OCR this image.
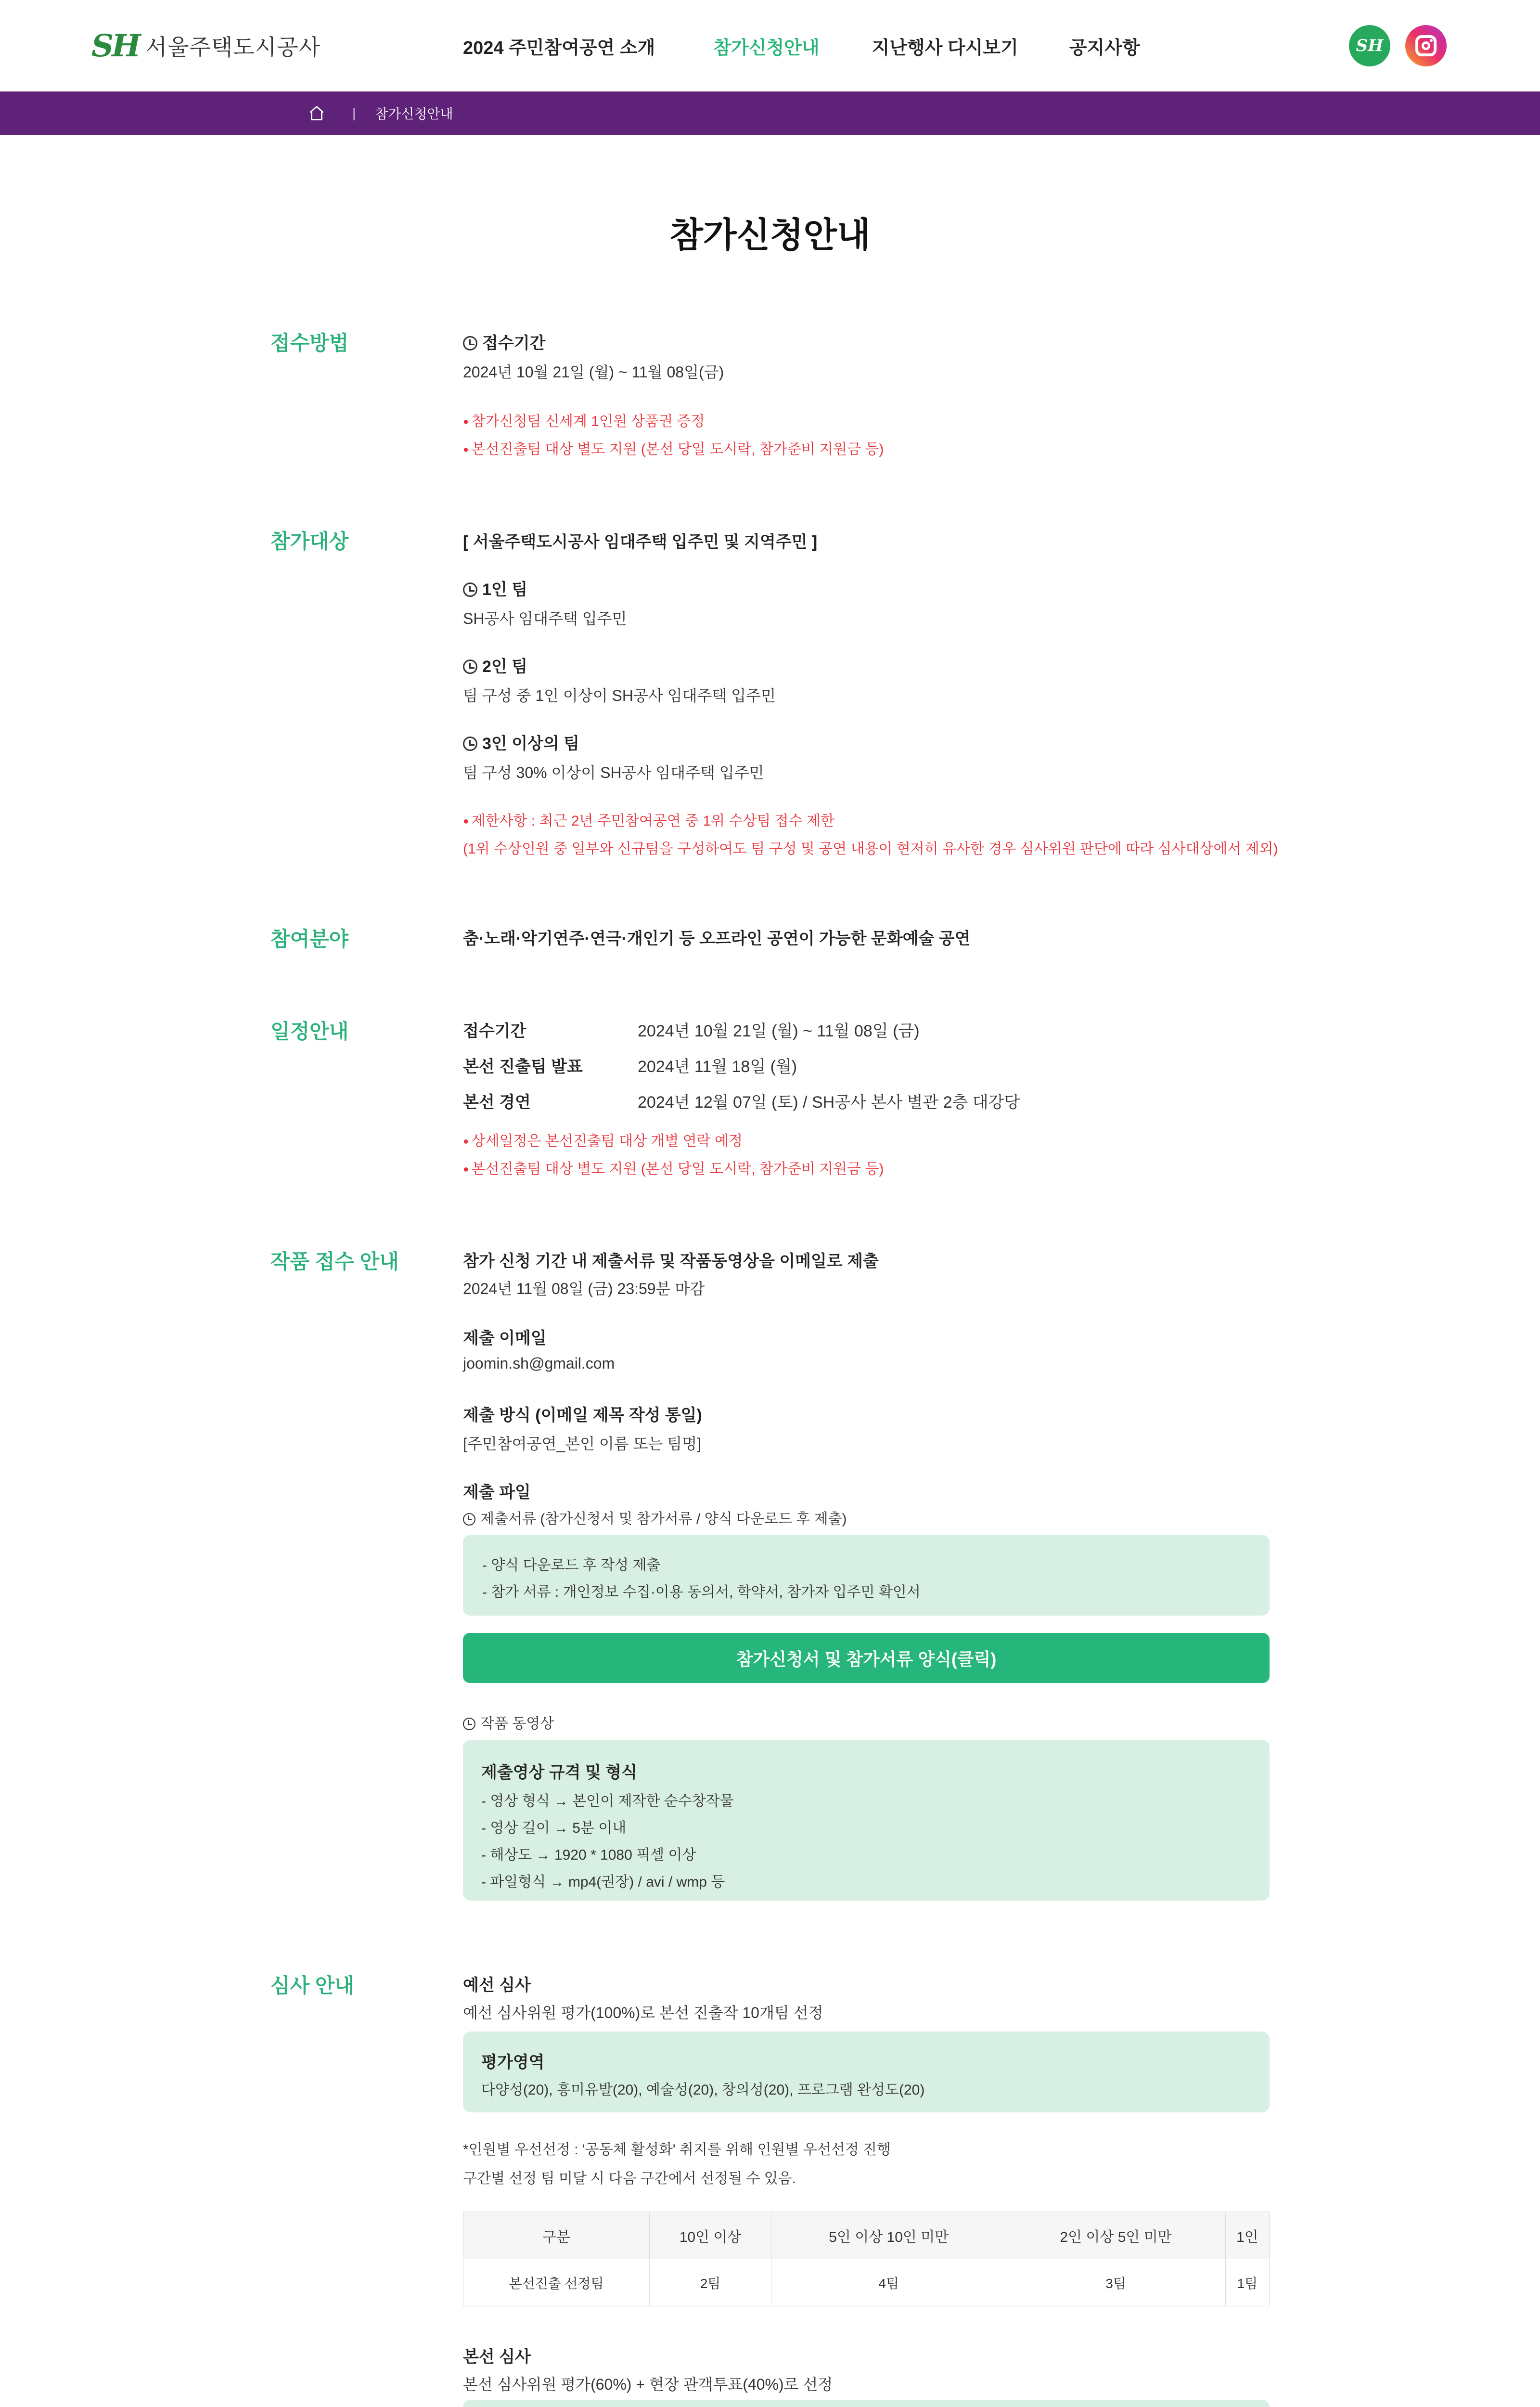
SH 서울주택도시공사	2024 주민참여공연 소개	참가신청안내	지난행사 다시보기	공지사항	SH
| 참가신청안내
참가신청안내
접수방법	접수기간
2024년 10월 21일 (월) ~ 11월 08일(금)
● 참가신청팀 신세계 1인원 상품권 증정
● 본선진출팀 대상 별도 지원 (본선 당일 도시락, 참가준비 지원금 등)
참가대상	[ 서울주택도시공사 임대주택 입주민 및 지역주민 ]
1인 팀
SH공사 임대주택 입주민
2인 팀
팀 구성 중 1인 이상이 SH공사 임대주택 입주민
3인 이상의 팀
팀 구성 30% 이상이 SH공사 임대주택 입주민
● 제한사항 : 최근 2년 주민참여공연 중 1위 수상팀 접수 제한
(1위 수상인원 중 일부와 신규팀을 구성하여도 팀 구성 및 공연 내용이 현저히 유사한 경우 심사위원 판단에 따라 심사대상에서 제외)
참여분야	춤·노래·악기연주·연극·개인기 등 오프라인 공연이 가능한 문화예술 공연
일정안내	접수기간	2024년 10월 21일 (월) ~ 11월 08일 (금)
본선 진출팀 발표	2024년 11월 18일 (월)
본선 경연	2024년 12월 07일 (토) / SH공사 본사 별관 2층 대강당
● 상세일정은 본선진출팀 대상 개별 연락 예정
● 본선진출팀 대상 별도 지원 (본선 당일 도시락, 참가준비 지원금 등)
작품 접수 안내	참가 신청 기간 내 제출서류 및 작품동영상을 이메일로 제출
2024년 11월 08일 (금) 23:59분 마감
제출 이메일
joomin.sh@gmail.com
제출 방식 (이메일 제목 작성 통일)
[주민참여공연_본인 이름 또는 팀명]
제출 파일
제출서류 (참가신청서 및 참가서류 / 양식 다운로드 후 제출)
- 양식 다운로드 후 작성 제출
- 참가 서류 : 개인정보 수집·이용 동의서, 학약서, 참가자 입주민 확인서
참가신청서 및 참가서류 양식(클릭)
작품 동영상
제출영상 규격 및 형식
- 영상 형식 → 본인이 제작한 순수창작물
- 영상 길이 → 5분 이내
- 해상도 → 1920 * 1080 픽셀 이상
- 파일형식 → mp4(권장) / avi / wmp 등
심사 안내	예선 심사
예선 심사위원 평가(100%)로 본선 진출작 10개팀 선정
평가영역
다양성(20), 흥미유발(20), 예술성(20), 창의성(20), 프로그램 완성도(20)
*인원별 우선선정 : '공동체 활성화' 취지를 위해 인원별 우선선정 진행
구간별 선정 팀 미달 시 다음 구간에서 선정될 수 있음.
구분	10인 이상	5인 이상 10인 미만	2인 이상 5인 미만	1인
본선진출 선정팀	2팀	4팀	3팀	1팀
본선 심사
본선 심사위원 평가(60%) + 현장 관객투표(40%)로 선정
